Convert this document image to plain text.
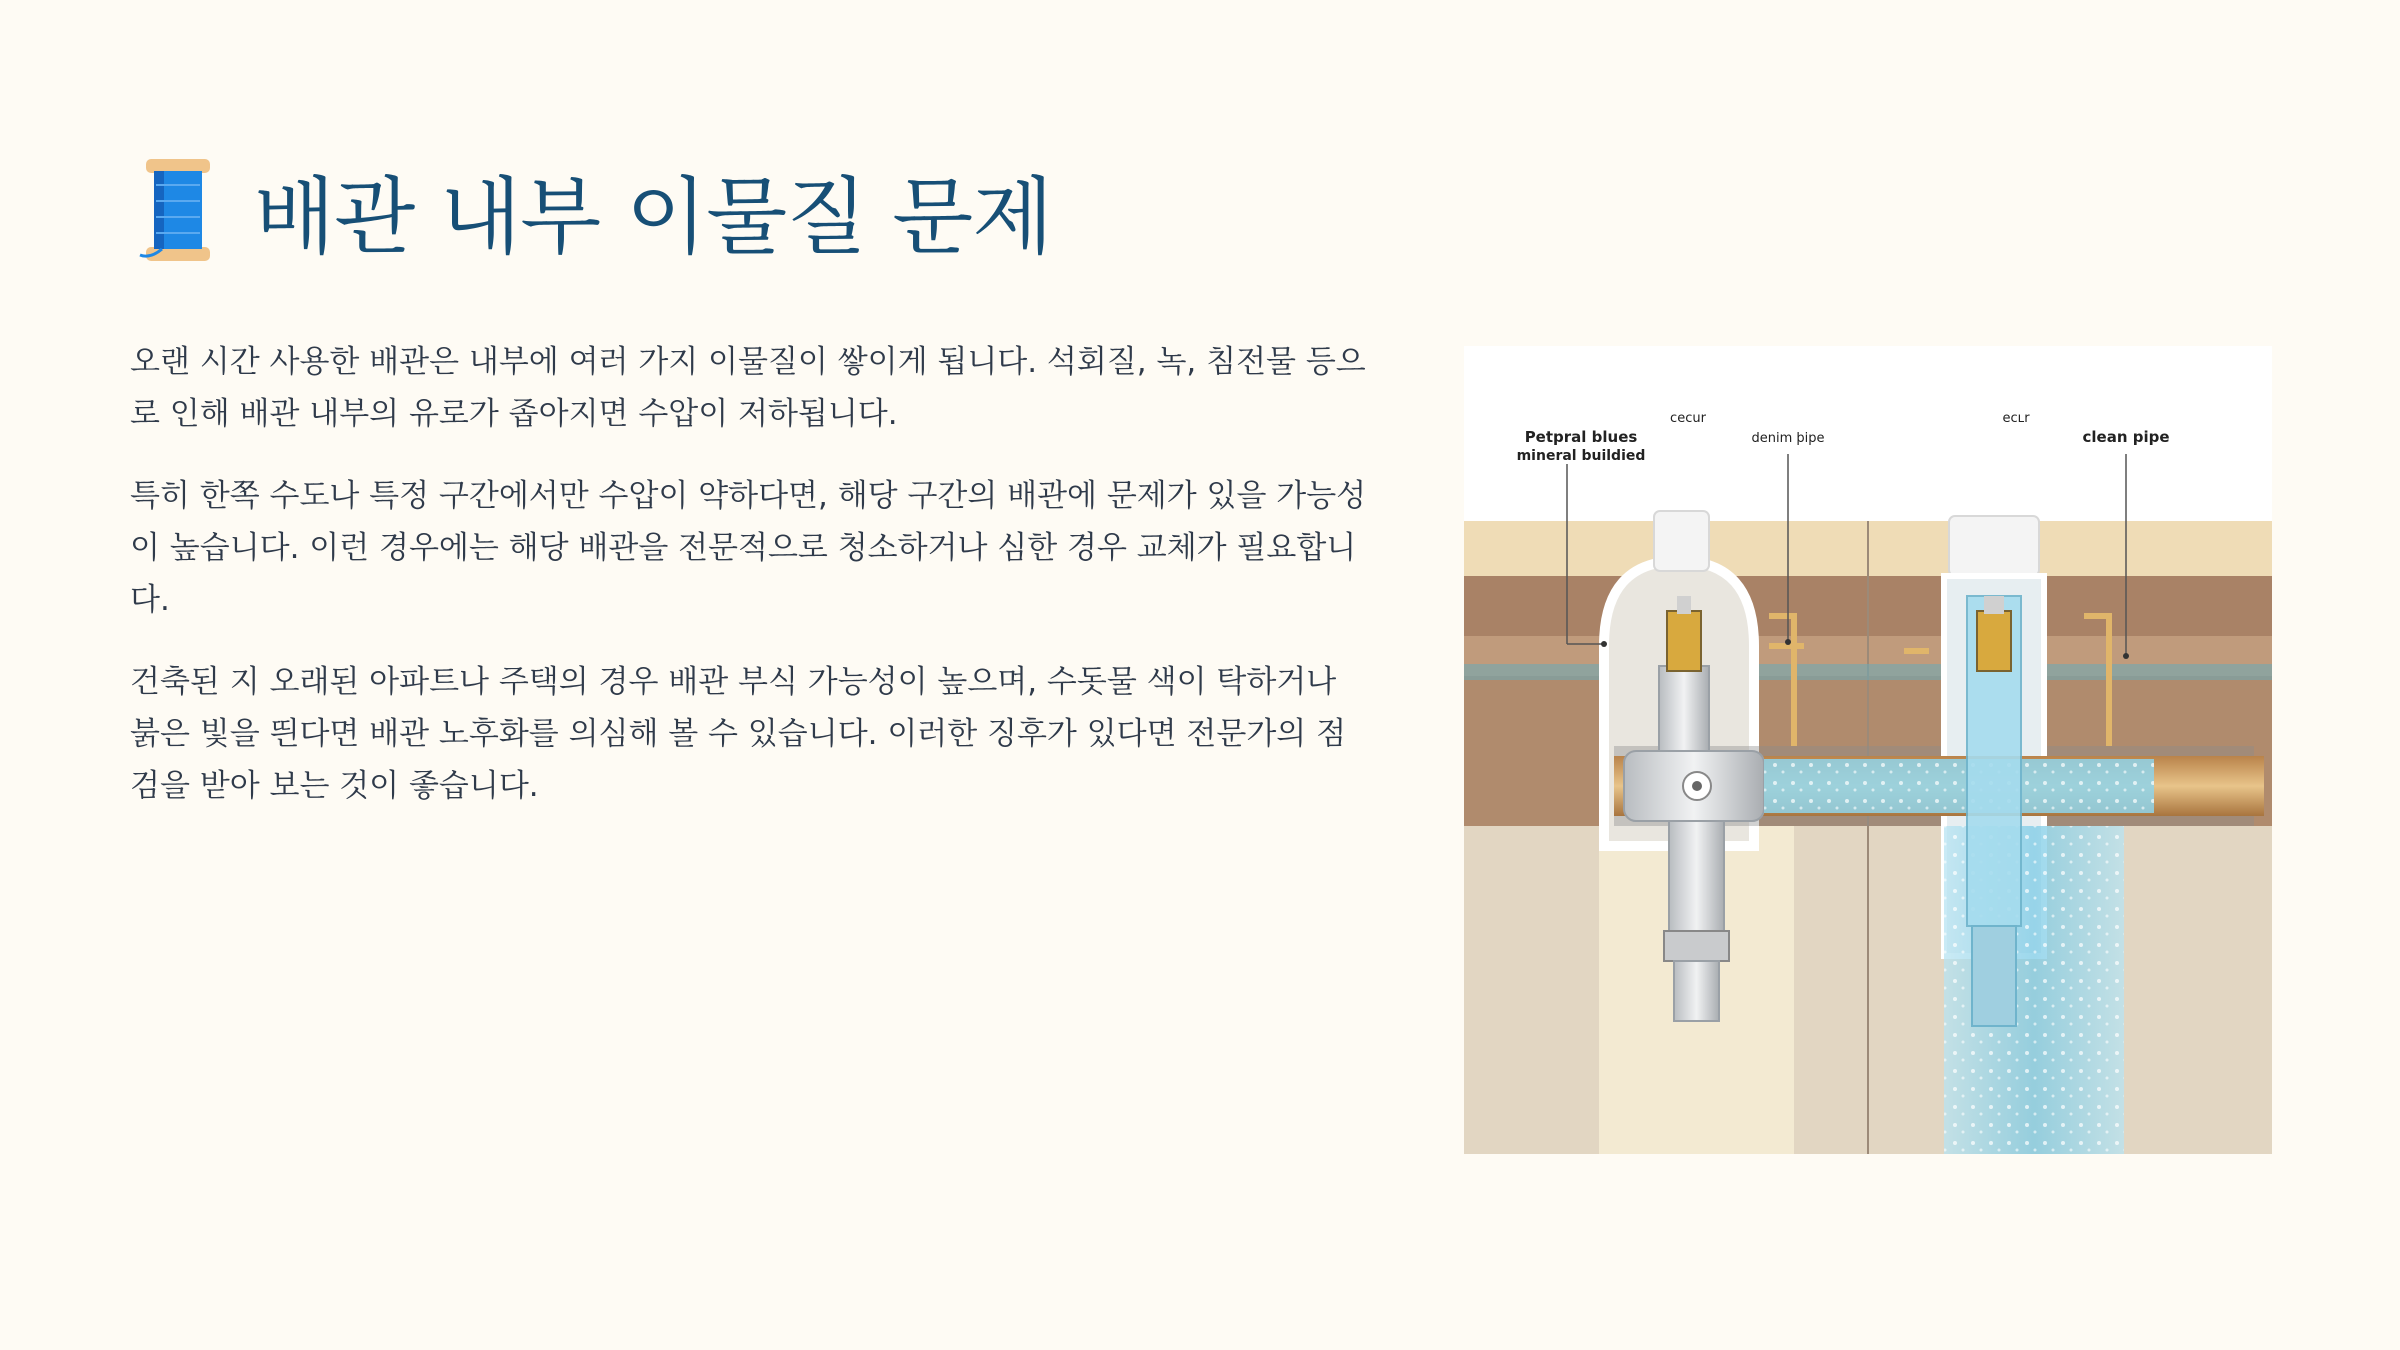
배관 내부 이물질 문제

오랜 시간 사용한 배관은 내부에 여러 가지 이물질이 쌓이게 됩니다. 석회질, 녹, 침전물 등으로 인해 배관 내부의 유로가 좁아지면 수압이 저하됩니다.

특히 한쪽 수도나 특정 구간에서만 수압이 약하다면, 해당 구간의 배관에 문제가 있을 가능성이 높습니다. 이런 경우에는 해당 배관을 전문적으로 청소하거나 심한 경우 교체가 필요합니다.

건축된 지 오래된 아파트나 주택의 경우 배관 부식 가능성이 높으며, 수돗물 색이 탁하거나 붉은 빛을 띈다면 배관 노후화를 의심해 볼 수 있습니다. 이러한 징후가 있다면 전문가의 점검을 받아 보는 것이 좋습니다.

Petpral blues
mineral buildied
cecur
denim þipe
ecʟr
clean pipe
